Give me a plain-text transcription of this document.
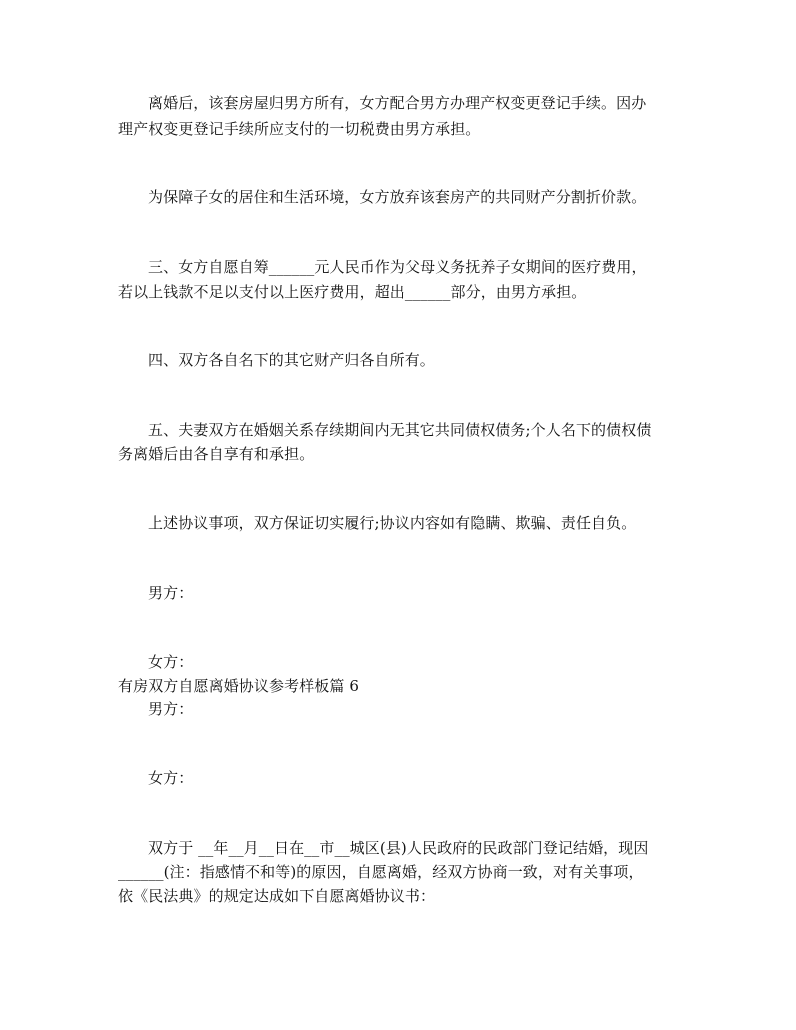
离婚后，该套房屋归男方所有，女方配合男方办理产权变更登记手续。因办
理产权变更登记手续所应支付的一切税费由男方承担。
为保障子女的居住和生活环境，女方放弃该套房产的共同财产分割折价款。
三、女方自愿自筹______元人民币作为父母义务抚养子女期间的医疗费用，
若以上钱款不足以支付以上医疗费用，超出______部分，由男方承担。
四、双方各自名下的其它财产归各自所有。
五、夫妻双方在婚姻关系存续期间内无其它共同债权债务;个人名下的债权债
务离婚后由各自享有和承担。
上述协议事项，双方保证切实履行;协议内容如有隐瞒、欺骗、责任自负。
男方：
女方：
有房双方自愿离婚协议参考样板篇 6
男方：
女方：
双方于 __年__月__日在__市__城区(县)人民政府的民政部门登记结婚，现因
______(注：指感情不和等)的原因，自愿离婚，经双方协商一致，对有关事项，
依《民法典》的规定达成如下自愿离婚协议书：
